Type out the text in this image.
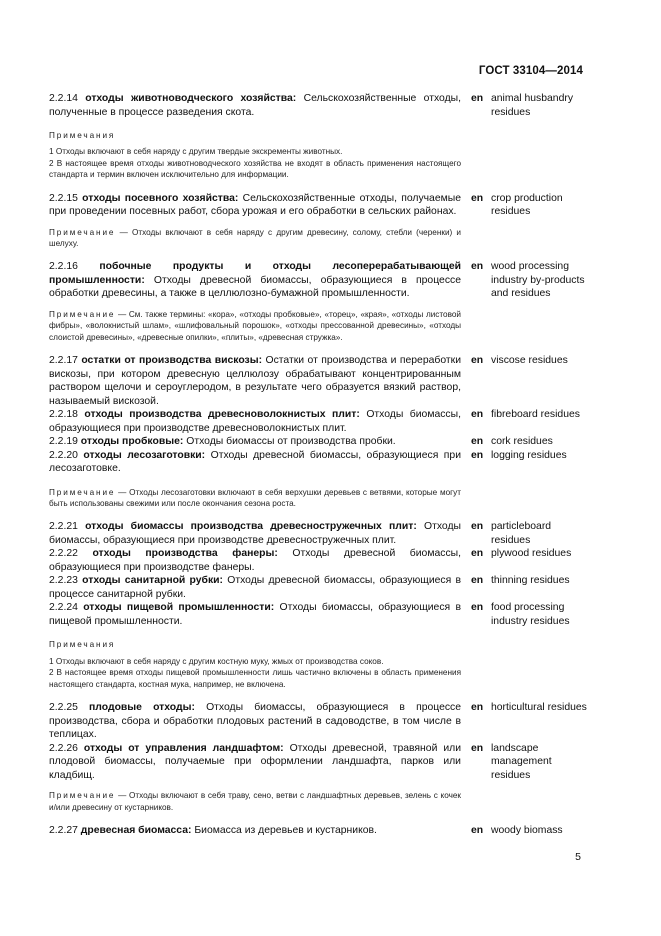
ГОСТ 33104—2014
2.2.14 отходы животноводческого хозяйства: Сельскохозяйственные отходы, полученные в процессе разведения скота.
en animal husbandry residues
Примечания
1 Отходы включают в себя наряду с другим твердые экскременты животных.
2 В настоящее время отходы животноводческого хозяйства не входят в область применения настоящего стандарта и термин включен исключительно для информации.
2.2.15 отходы посевного хозяйства: Сельскохозяйственные отходы, получаемые при проведении посевных работ, сбора урожая и его обработки в сельских районах.
en crop production residues
Примечание — Отходы включают в себя наряду с другим древесину, солому, стебли (черенки) и шелуху.
2.2.16 побочные продукты и отходы лесоперерабатывающей промышленности: Отходы древесной биомассы, образующиеся в процессе обработки древесины, а также в целлюлозно-бумажной промышленности.
en wood processing industry by-products and residues
Примечание — См. также термины: «кора», «отходы пробковые», «торец», «края», «отходы листовой фибры», «волокнистый шлам», «шлифовальный порошок», «отходы прессованной древесины», «отходы слоистой древесины», «древесные опилки», «плиты», «древесная стружка».
2.2.17 остатки от производства вискозы: Остатки от производства и переработки вискозы, при котором древесную целлюлозу обрабатывают концентрированным раствором щелочи и сероуглеродом, в результате чего образуется вязкий раствор, называемый вискозой.
en viscose residues
2.2.18 отходы производства древесноволокнистых плит: Отходы биомассы, образующиеся при производстве древесноволокнистых плит.
en fibreboard residues
2.2.19 отходы пробковые: Отходы биомассы от производства пробки.	en cork residues
2.2.20 отходы лесозаготовки: Отходы древесной биомассы, образующиеся при лесозаготовке.
en logging residues
Примечание — Отходы лесозаготовки включают в себя верхушки деревьев с ветвями, которые могут быть использованы свежими или после окончания сезона роста.
2.2.21 отходы биомассы производства древесностружечных плит: Отходы биомассы, образующиеся при производстве древесностружечных плит.
en particleboard residues
2.2.22 отходы производства фанеры: Отходы древесной биомассы, образующиеся при производстве фанеры.
en plywood residues
2.2.23 отходы санитарной рубки: Отходы древесной биомассы, образующиеся в процессе санитарной рубки.
en thinning residues
2.2.24 отходы пищевой промышленности: Отходы биомассы, образующиеся в пищевой промышленности.
en food processing industry residues
Примечания
1 Отходы включают в себя наряду с другим костную муку, жмых от производства соков.
2 В настоящее время отходы пищевой промышленности лишь частично включены в область применения настоящего стандарта, костная мука, например, не включена.
2.2.25 плодовые отходы: Отходы биомассы, образующиеся в процессе производства, сбора и обработки плодовых растений в садоводстве, в том числе в теплицах.
en horticultural residues
2.2.26 отходы от управления ландшафтом: Отходы древесной, травяной или плодовой биомассы, получаемые при оформлении ландшафта, парков или кладбищ.
en landscape management residues
Примечание — Отходы включают в себя траву, сено, ветви с ландшафтных деревьев, зелень с кочек и/или древесину от кустарников.
2.2.27 древесная биомасса: Биомасса из деревьев и кустарников.	en woody biomass
5
